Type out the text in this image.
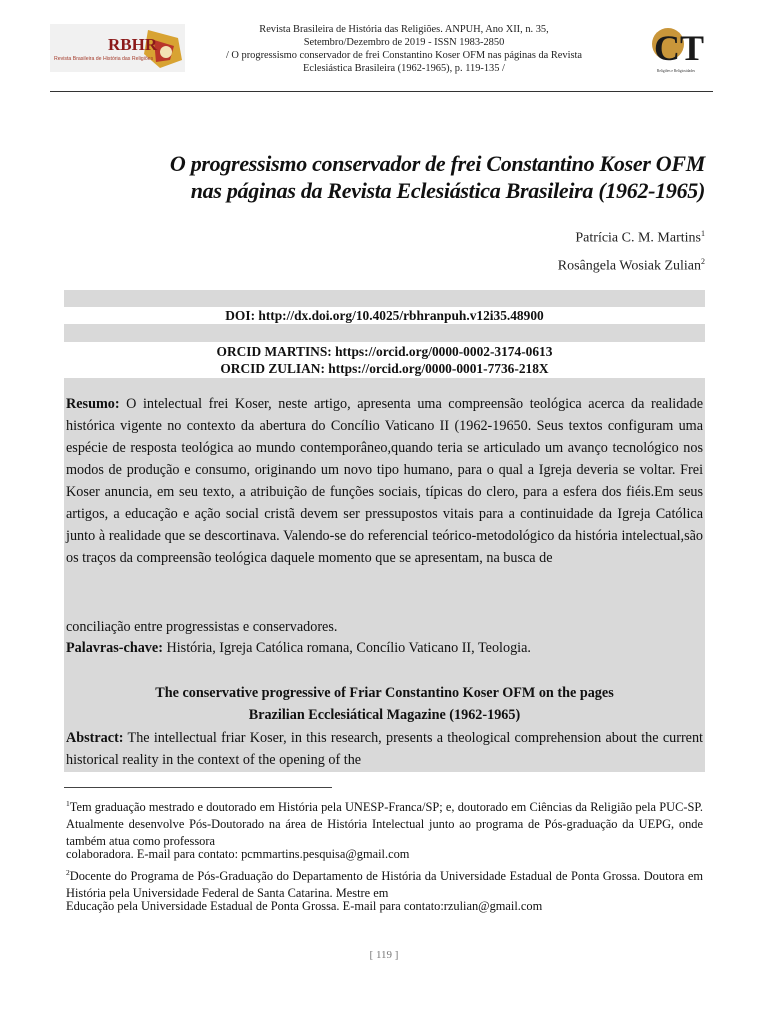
RBHR
Revista Brasileira de História das Religiões
Revista Brasileira de História das Religiões. ANPUH, Ano XII, n. 35,
Setembro/Dezembro de 2019 - ISSN 1983-2850
/ O progressismo conservador de frei Constantino Koser OFM nas páginas da Revista
Eclesiástica Brasileira (1962-1965), p. 119-135 /
CT
Religiões e Religiosidades
O progressismo conservador de frei Constantino Koser OFM
nas páginas da Revista Eclesiástica Brasileira (1962-1965)
Patrícia C. M. Martins$^1$
Rosângela Wosiak Zulian$^2$
DOI: http://dx.doi.org/10.4025/rbhranpuh.v12i35.48900
ORCID MARTINS: https://orcid.org/0000-0002-3174-0613
ORCID ZULIAN: https://orcid.org/0000-0001-7736-218X
Resumo: O intelectual frei Koser, neste artigo, apresenta uma compreensão teológica acerca da realidade histórica vigente no contexto da abertura do Concílio Vaticano II (1962-19650. Seus textos configuram uma espécie de resposta teológica ao mundo contemporâneo,quando teria se articulado um avanço tecnológico nos modos de produção e consumo, originando um novo tipo humano, para o qual a Igreja deveria se voltar. Frei Koser anuncia, em seu texto, a atribuição de funções sociais, típicas do clero, para a esfera dos fiéis.Em seus artigos, a educação e ação social cristã devem ser pressupostos vitais para a continuidade da Igreja Católica junto à realidade que se descortinava. Valendo-se do referencial teórico-metodológico da história intelectual,são os traços da compreensão teológica daquele momento que se apresentam, na busca de
conciliação entre progressistas e conservadores.
Palavras-chave: História, Igreja Católica romana, Concílio Vaticano II, Teologia.
The conservative progressive of Friar Constantino Koser OFM on the pages
Brazilian Ecclesiátical Magazine (1962-1965)
Abstract: The intellectual friar Koser, in this research, presents a theological comprehension about the current historical reality in the context of the opening of the
$^1$Tem graduação mestrado e doutorado em História pela UNESP-Franca/SP; e, doutorado em Ciências da Religião pela PUC-SP. Atualmente desenvolve Pós-Doutorado na área de História Intelectual junto ao programa de Pós-graduação da UEPG, onde também atua como professora
colaboradora. E-mail para contato: pcmmartins.pesquisa@gmail.com
$^2$Docente do Programa de Pós-Graduação do Departamento de História da Universidade Estadual de Ponta Grossa. Doutora em História pela Universidade Federal de Santa Catarina. Mestre em
Educação pela Universidade Estadual de Ponta Grossa. E-mail para contato:rzulian@gmail.com
[ 119 ]
